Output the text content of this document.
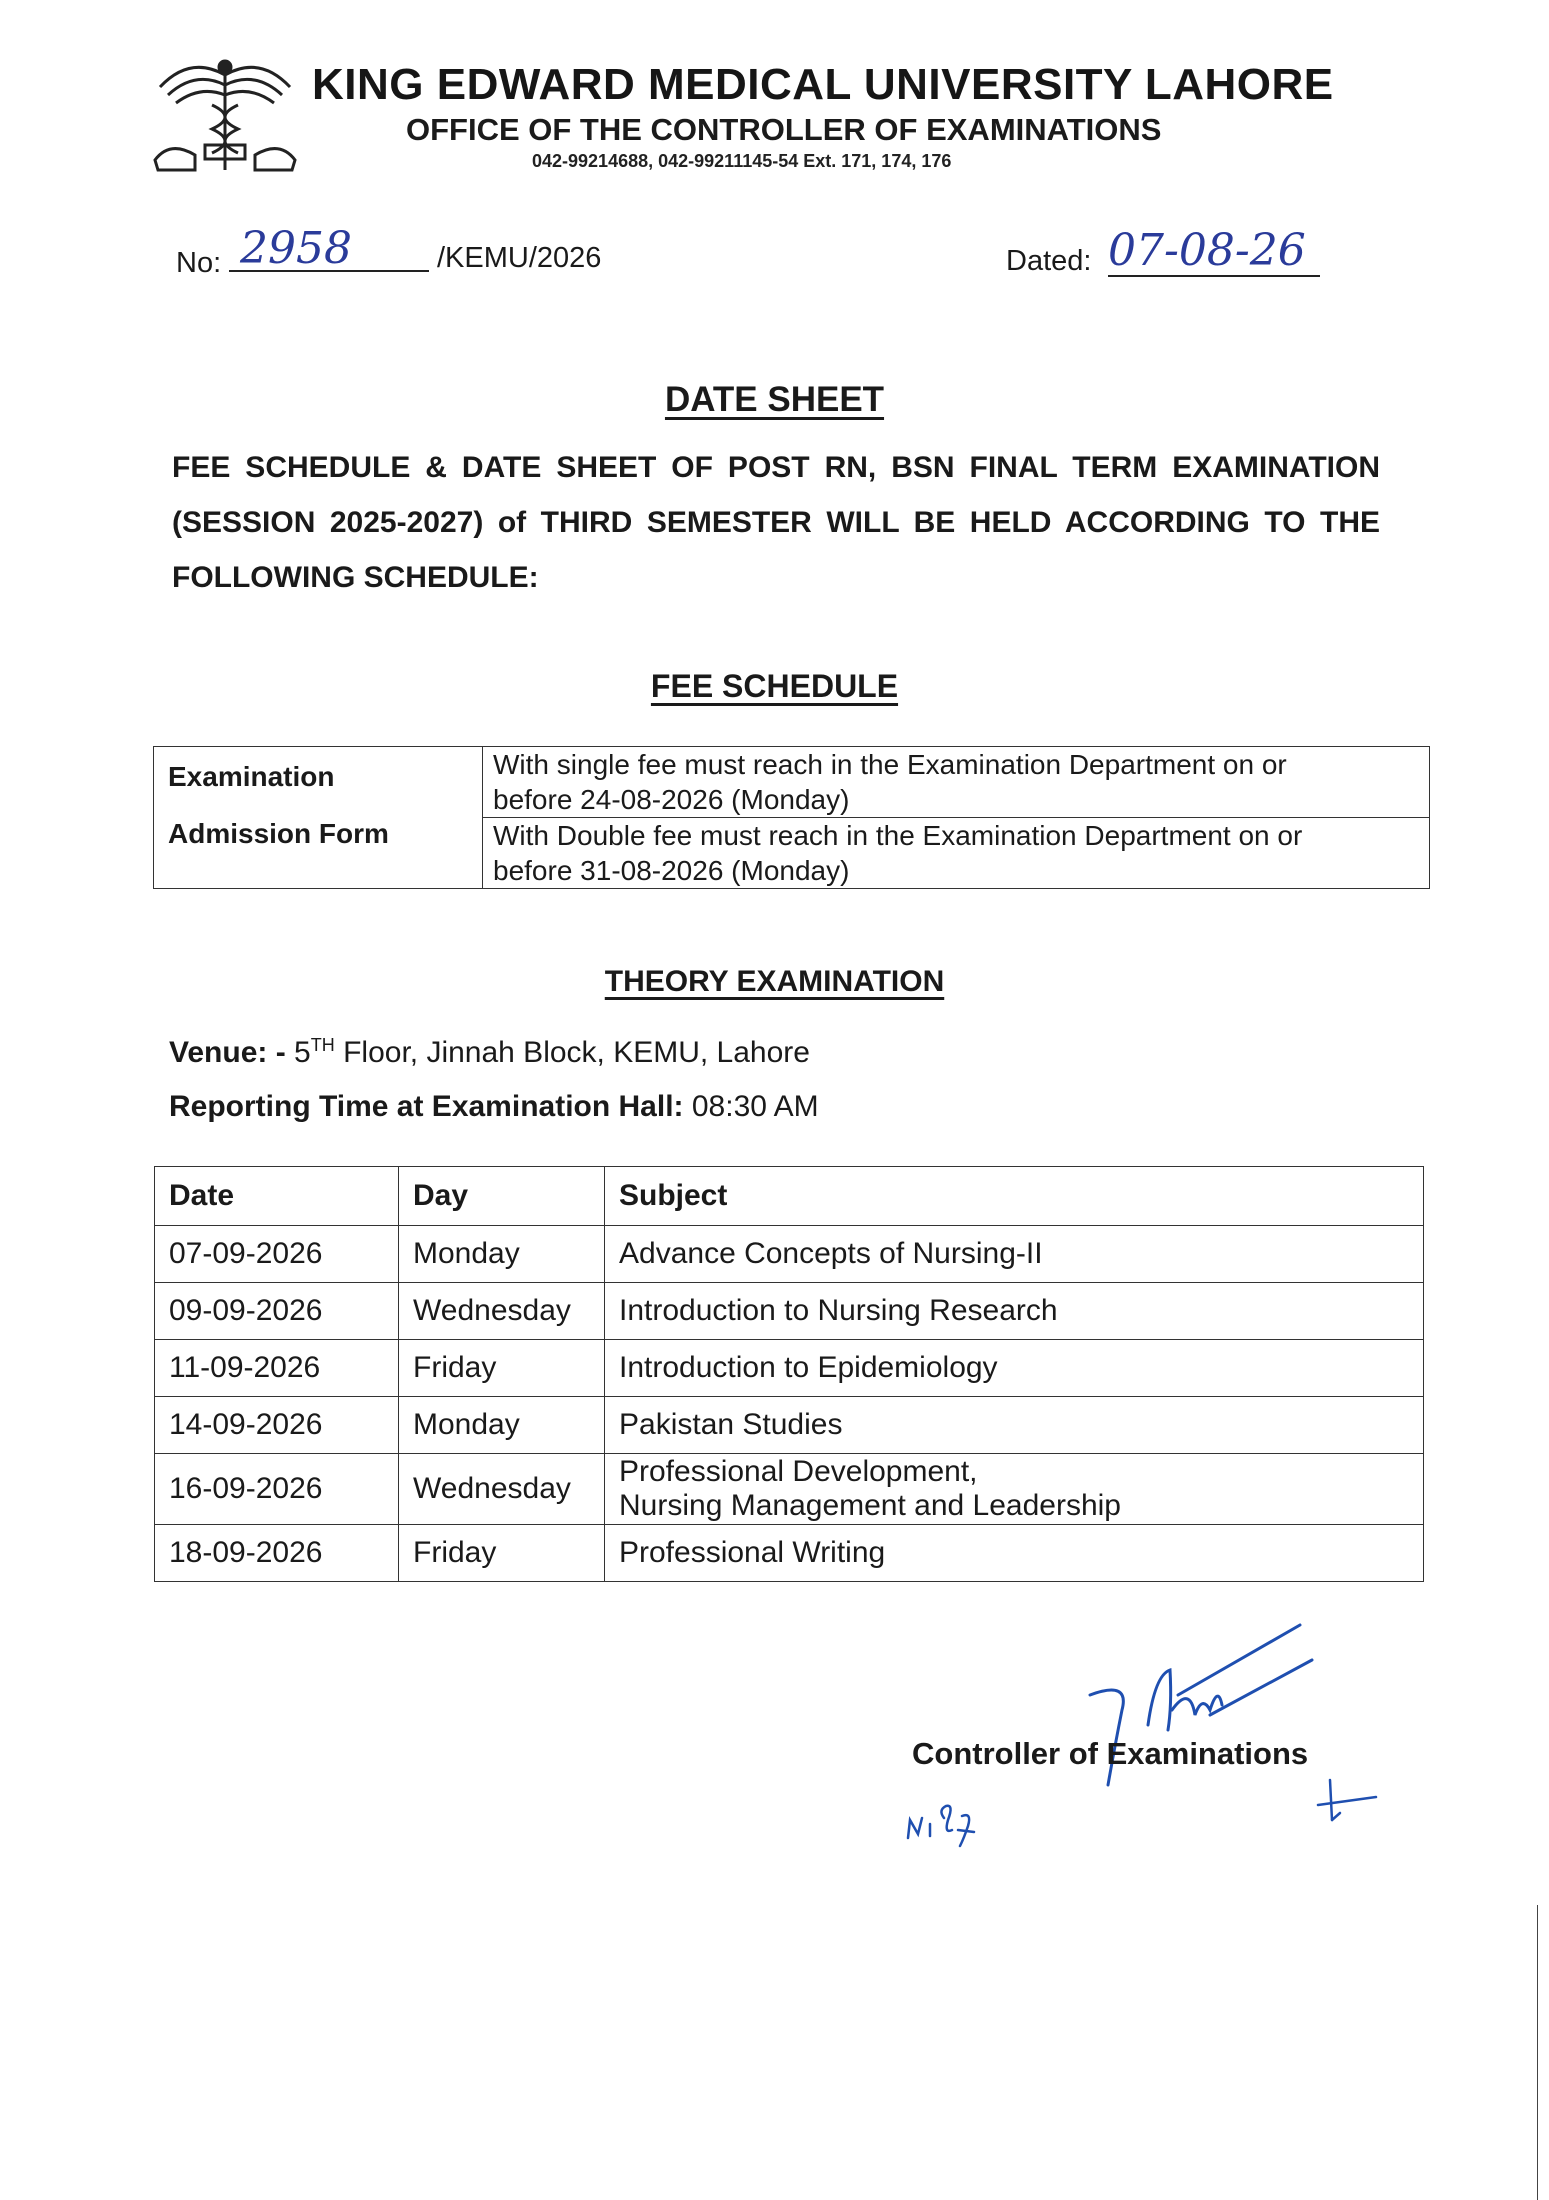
KING EDWARD MEDICAL UNIVERSITY LAHORE
OFFICE OF THE CONTROLLER OF EXAMINATIONS
042-99214688, 042-99211145-54 Ext. 171, 174, 176
No: 2958	/KEMU/2026	Dated: 07-08-26
DATE SHEET
FEE SCHEDULE & DATE SHEET OF POST RN, BSN FINAL TERM EXAMINATION (SESSION 2025-2027) of THIRD SEMESTER WILL BE HELD ACCORDING TO THE FOLLOWING SCHEDULE:
FEE SCHEDULE
Examination
Admission Form
	With single fee must reach in the Examination Department on or
before 24-08-2026 (Monday)
With Double fee must reach in the Examination Department on or
before 31-08-2026 (Monday)
THEORY EXAMINATION
Venue: - 5TH Floor, Jinnah Block, KEMU, Lahore
Reporting Time at Examination Hall: 08:30 AM
Date	Day	Subject
07-09-2026	Monday	Advance Concepts of Nursing-II
09-09-2026	Wednesday	Introduction to Nursing Research
11-09-2026	Friday	Introduction to Epidemiology
14-09-2026	Monday	Pakistan Studies
16-09-2026	Wednesday	Professional Development,
Nursing Management and Leadership
18-09-2026	Friday	Professional Writing
Controller of Examinations
